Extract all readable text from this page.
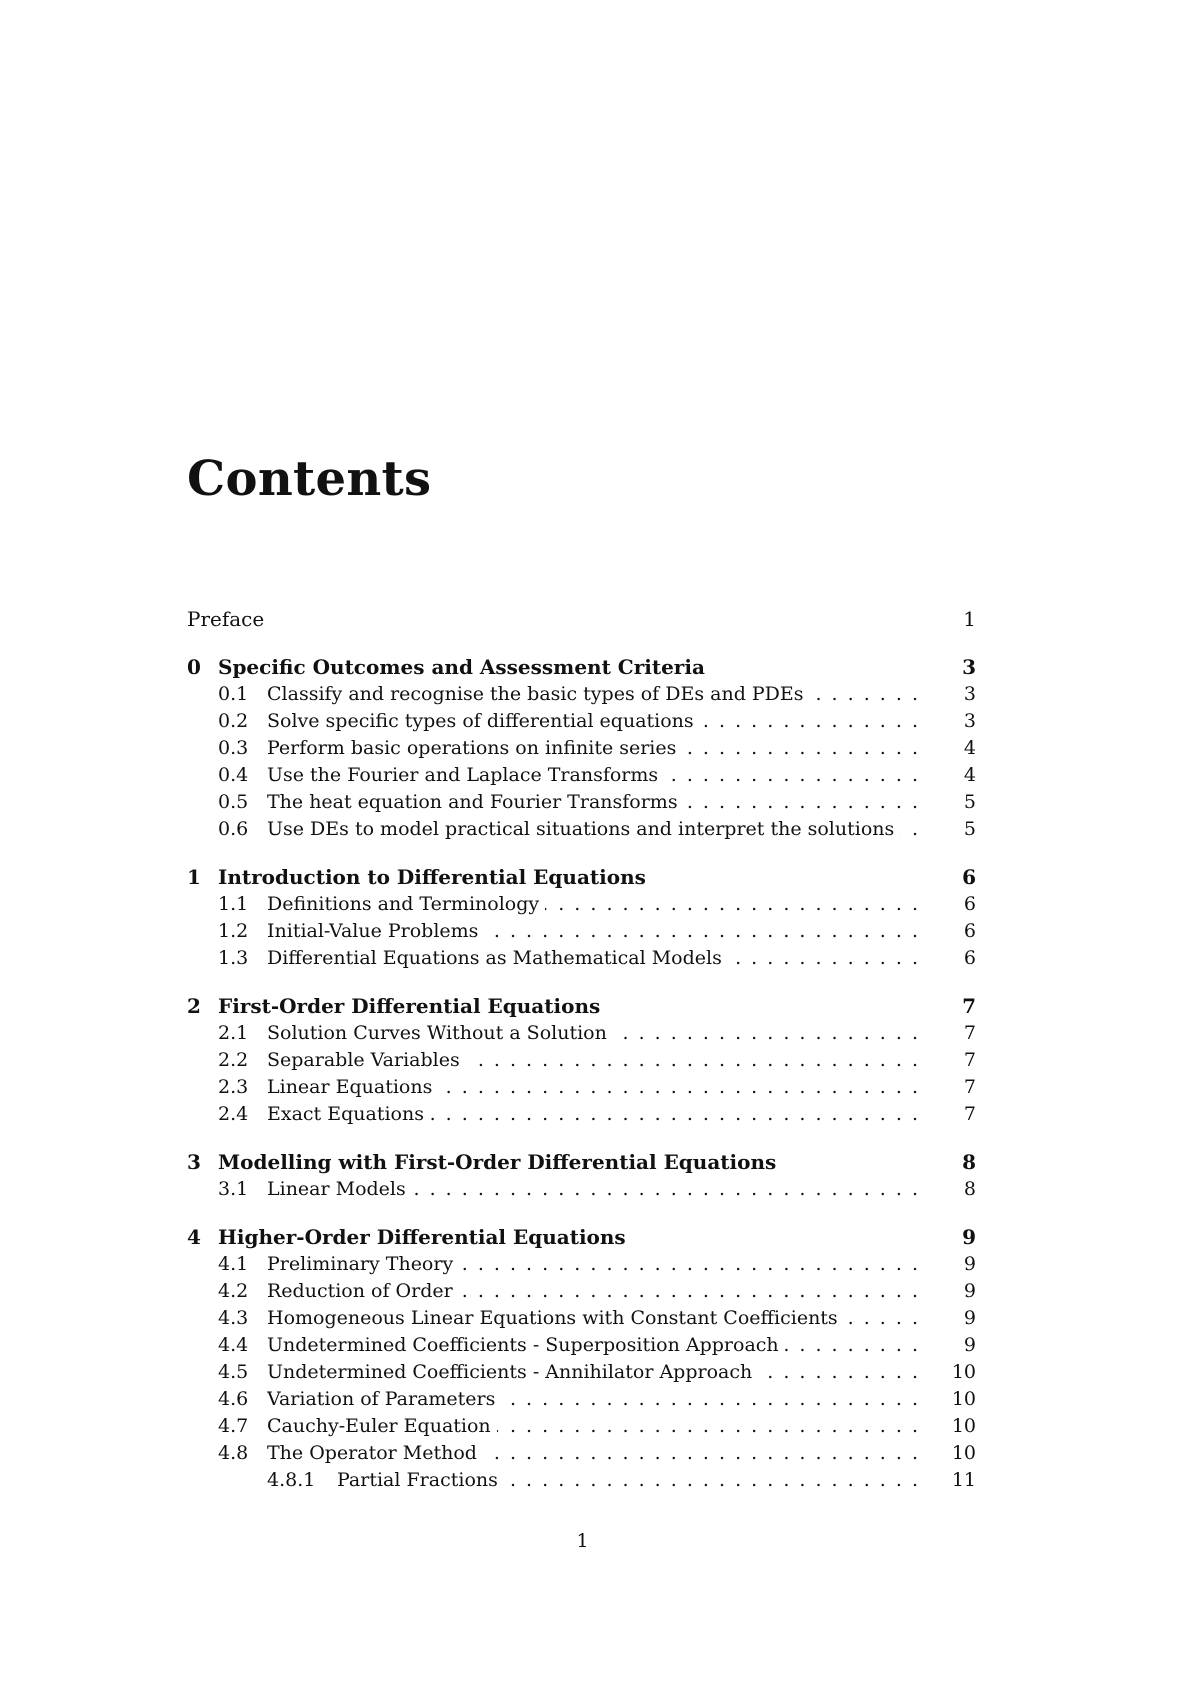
Contents
Preface	1
0 Specific Outcomes and Assessment Criteria	3
0.1 Classify and recognise the basic types of DEs and PDEs . . .	3
0.2 Solve specific types of differential equations . . .	3
0.3 Perform basic operations on infinite series . . .	4
0.4 Use the Fourier and Laplace Transforms . . .	4
0.5 The heat equation and Fourier Transforms . . .	5
0.6 Use DEs to model practical situations and interpret the solutions . . .	5
1 Introduction to Differential Equations	6
1.1 Definitions and Terminology . . .	6
1.2 Initial-Value Problems . . .	6
1.3 Differential Equations as Mathematical Models . . .	6
2 First-Order Differential Equations	7
2.1 Solution Curves Without a Solution . . .	7
2.2 Separable Variables . . .	7
2.3 Linear Equations . . .	7
2.4 Exact Equations . . .	7
3 Modelling with First-Order Differential Equations	8
3.1 Linear Models . . .	8
4 Higher-Order Differential Equations	9
4.1 Preliminary Theory . . .	9
4.2 Reduction of Order . . .	9
4.3 Homogeneous Linear Equations with Constant Coefficients . . .	9
4.4 Undetermined Coefficients - Superposition Approach . . .	9
4.5 Undetermined Coefficients - Annihilator Approach . . .	10
4.6 Variation of Parameters . . .	10
4.7 Cauchy-Euler Equation . . .	10
4.8 The Operator Method . . .	10
4.8.1 Partial Fractions . . .	11
1
